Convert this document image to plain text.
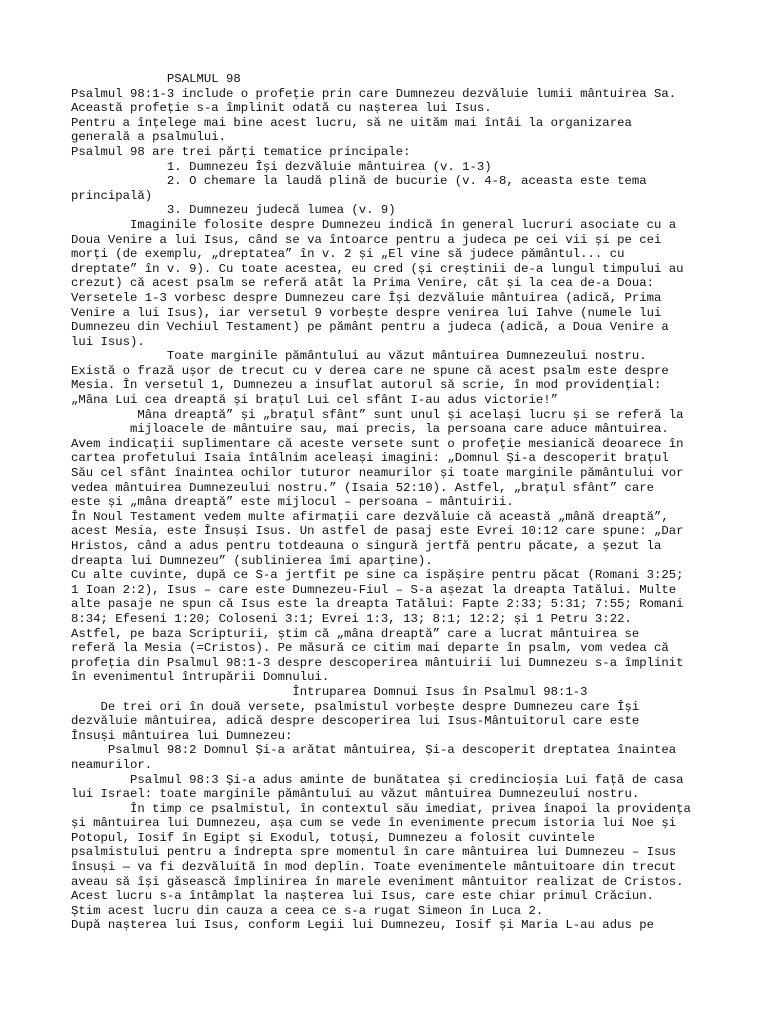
PSALMUL 98
Psalmul 98:1-3 include o profeție prin care Dumnezeu dezvăluie lumii mântuirea Sa.
Această profeție s-a împlinit odată cu nașterea lui Isus.
Pentru a înțelege mai bine acest lucru, să ne uităm mai întâi la organizarea
generală a psalmului.
Psalmul 98 are trei părți tematice principale:
1. Dumnezeu Își dezvăluie mântuirea (v. 1-3)
2. O chemare la laudă plină de bucurie (v. 4-8, aceasta este tema
principală)
3. Dumnezeu judecă lumea (v. 9)
Imaginile folosite despre Dumnezeu indică în general lucruri asociate cu a
Doua Venire a lui Isus, când se va întoarce pentru a judeca pe cei vii și pe cei
morți (de exemplu, „dreptatea” în v. 2 și „El vine să judece pământul... cu
dreptate” în v. 9). Cu toate acestea, eu cred (și creștinii de-a lungul timpului au
crezut) că acest psalm se referă atât la Prima Venire, cât și la cea de-a Doua:
Versetele 1-3 vorbesc despre Dumnezeu care Își dezvăluie mântuirea (adică, Prima
Venire a lui Isus), iar versetul 9 vorbește despre venirea lui Iahve (numele lui
Dumnezeu din Vechiul Testament) pe pământ pentru a judeca (adică, a Doua Venire a
lui Isus).
Toate marginile pământului au văzut mântuirea Dumnezeului nostru.
Există o frază ușor de trecut cu v derea care ne spune că acest psalm este despre
Mesia. În versetul 1, Dumnezeu a insuflat autorul să scrie, în mod providențial:
„Mâna Lui cea dreaptă și brațul Lui cel sfânt I-au adus victorie!”
Mâna dreaptă” și „brațul sfânt” sunt unul și același lucru și se referă la
mijloacele de mântuire sau, mai precis, la persoana care aduce mântuirea.
Avem indicații suplimentare că aceste versete sunt o profeție mesianică deoarece în
cartea profetului Isaia întâlnim aceleași imagini: „Domnul Și-a descoperit brațul
Său cel sfânt înaintea ochilor tuturor neamurilor și toate marginile pământului vor
vedea mântuirea Dumnezeului nostru.” (Isaia 52:10). Astfel, „brațul sfânt” care
este și „mâna dreaptă” este mijlocul – persoana – mântuirii.
În Noul Testament vedem multe afirmații care dezvăluie că această „mână dreaptă”,
acest Mesia, este Însuși Isus. Un astfel de pasaj este Evrei 10:12 care spune: „Dar
Hristos, când a adus pentru totdeauna o singură jertfă pentru păcate, a șezut la
dreapta lui Dumnezeu” (sublinierea îmi aparține).
Cu alte cuvinte, după ce S-a jertfit pe sine ca ispășire pentru păcat (Romani 3:25;
1 Ioan 2:2), Isus – care este Dumnezeu-Fiul – S-a așezat la dreapta Tatălui. Multe
alte pasaje ne spun că Isus este la dreapta Tatălui: Fapte 2:33; 5:31; 7:55; Romani
8:34; Efeseni 1:20; Coloseni 3:1; Evrei 1:3, 13; 8:1; 12:2; și 1 Petru 3:22.
Astfel, pe baza Scripturii, știm că „mâna dreaptă” care a lucrat mântuirea se
referă la Mesia (=Cristos). Pe măsură ce citim mai departe în psalm, vom vedea că
profeția din Psalmul 98:1-3 despre descoperirea mântuirii lui Dumnezeu s-a împlinit
în evenimentul întrupării Domnului.
Întruparea Domnui Isus în Psalmul 98:1-3
De trei ori în două versete, psalmistul vorbește despre Dumnezeu care Își
dezvăluie mântuirea, adică despre descoperirea lui Isus-Mântuitorul care este
Însuși mântuirea lui Dumnezeu:
Psalmul 98:2 Domnul Și-a arătat mântuirea, Și-a descoperit dreptatea înaintea
neamurilor.
Psalmul 98:3 Și-a adus aminte de bunătatea și credincioșia Lui față de casa
lui Israel: toate marginile pământului au văzut mântuirea Dumnezeului nostru.
În timp ce psalmistul, în contextul său imediat, privea înapoi la providența
și mântuirea lui Dumnezeu, așa cum se vede în evenimente precum istoria lui Noe și
Potopul, Iosif în Egipt și Exodul, totuși, Dumnezeu a folosit cuvintele
psalmistului pentru a îndrepta spre momentul în care mântuirea lui Dumnezeu – Isus
însuși — va fi dezvăluită în mod deplin. Toate evenimentele mântuitoare din trecut
aveau să își găsească împlinirea în marele eveniment mântuitor realizat de Cristos.
Acest lucru s-a întâmplat la nașterea lui Isus, care este chiar primul Crăciun.
Știm acest lucru din cauza a ceea ce s-a rugat Simeon în Luca 2.
După nașterea lui Isus, conform Legii lui Dumnezeu, Iosif și Maria L-au adus pe
